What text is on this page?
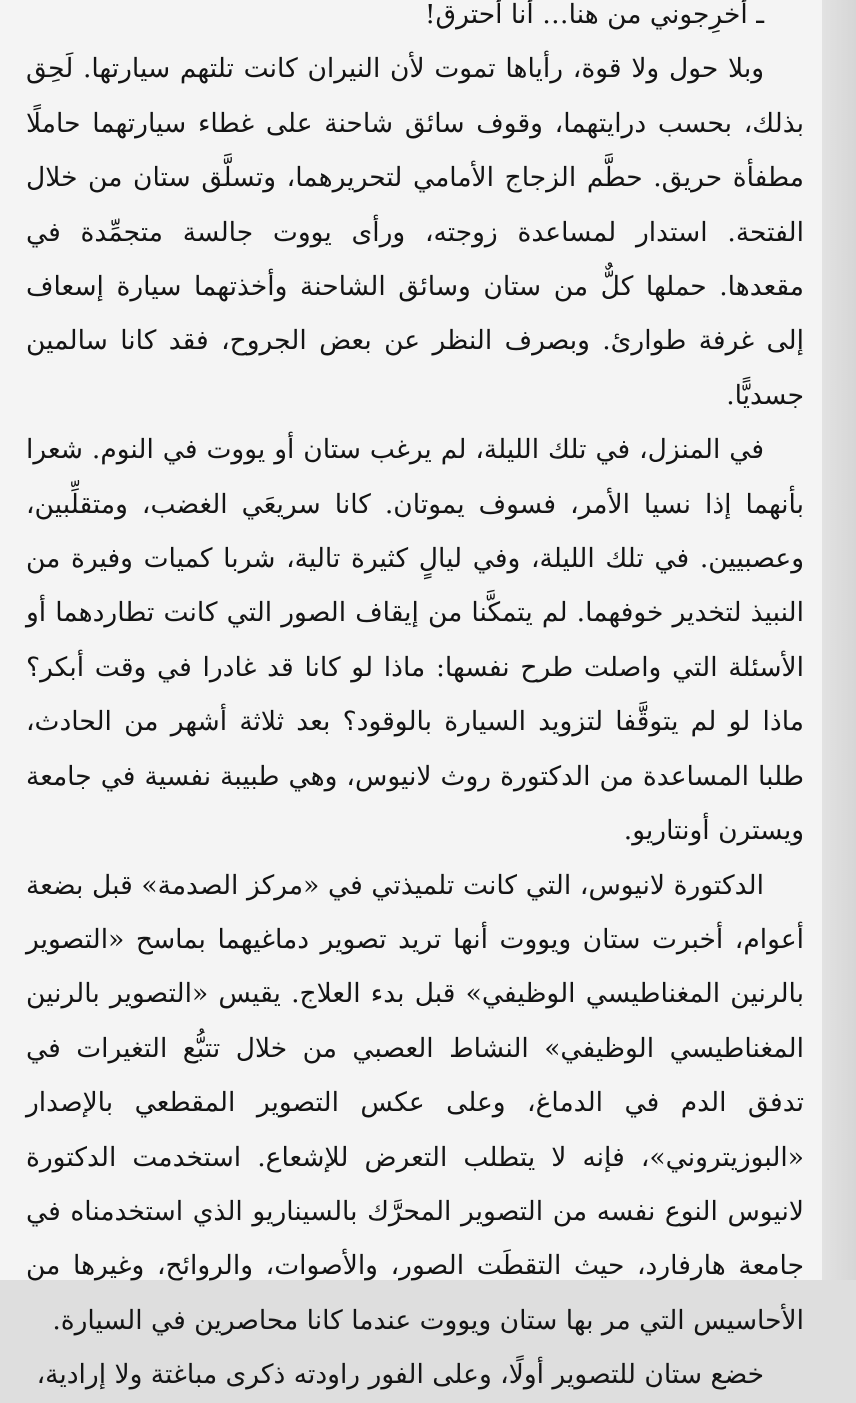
ـ أخرِجوني من هنا… أنا أحترق!

وبلا حول ولا قوة، رأياها تموت لأن النيران كانت تلتهم سيارتها. لَحِق بذلك، بحسب درايتهما، وقوف سائق شاحنة على غطاء سيارتهما حاملًا مطفأة حريق. حطَّم الزجاج الأمامي لتحريرهما، وتسلَّق ستان من خلال الفتحة. استدار لمساعدة زوجته، ورأى يووت جالسة متجمِّدة في مقعدها. حملها كلٌّ من ستان وسائق الشاحنة وأخذتهما سيارة إسعاف إلى غرفة طوارئ. وبصرف النظر عن بعض الجروح، فقد كانا سالمين جسديًّا.

في المنزل، في تلك الليلة، لم يرغب ستان أو يووت في النوم. شعرا بأنهما إذا نسيا الأمر، فسوف يموتان. كانا سريعَي الغضب، ومتقلِّبين، وعصبيين. في تلك الليلة، وفي ليالٍ كثيرة تالية، شربا كميات وفيرة من النبيذ لتخدير خوفهما. لم يتمكَّنا من إيقاف الصور التي كانت تطاردهما أو الأسئلة التي واصلت طرح نفسها: ماذا لو كانا قد غادرا في وقت أبكر؟ ماذا لو لم يتوقَّفا لتزويد السيارة بالوقود؟ بعد ثلاثة أشهر من الحادث، طلبا المساعدة من الدكتورة روث لانيوس، وهي طبيبة نفسية في جامعة ويسترن أونتاريو.

الدكتورة لانيوس، التي كانت تلميذتي في «مركز الصدمة» قبل بضعة أعوام، أخبرت ستان ويووت أنها تريد تصوير دماغيهما بماسح «التصوير بالرنين المغناطيسي الوظيفي» قبل بدء العلاج. يقيس «التصوير بالرنين المغناطيسي الوظيفي» النشاط العصبي من خلال تتبُّع التغيرات في تدفق الدم في الدماغ، وعلى عكس التصوير المقطعي بالإصدار «البوزيتروني»، فإنه لا يتطلب التعرض للإشعاع. استخدمت الدكتورة لانيوس النوع نفسه من التصوير المحرَّك بالسيناريو الذي استخدمناه في جامعة هارفارد، حيث التقطَت الصور، والأصوات، والروائح، وغيرها من الأحاسيس التي مر بها ستان ويووت عندما كانا محاصرين في السيارة.

خضع ستان للتصوير أولًا، وعلى الفور راودته ذكرى مباغتة ولا إرادية،
